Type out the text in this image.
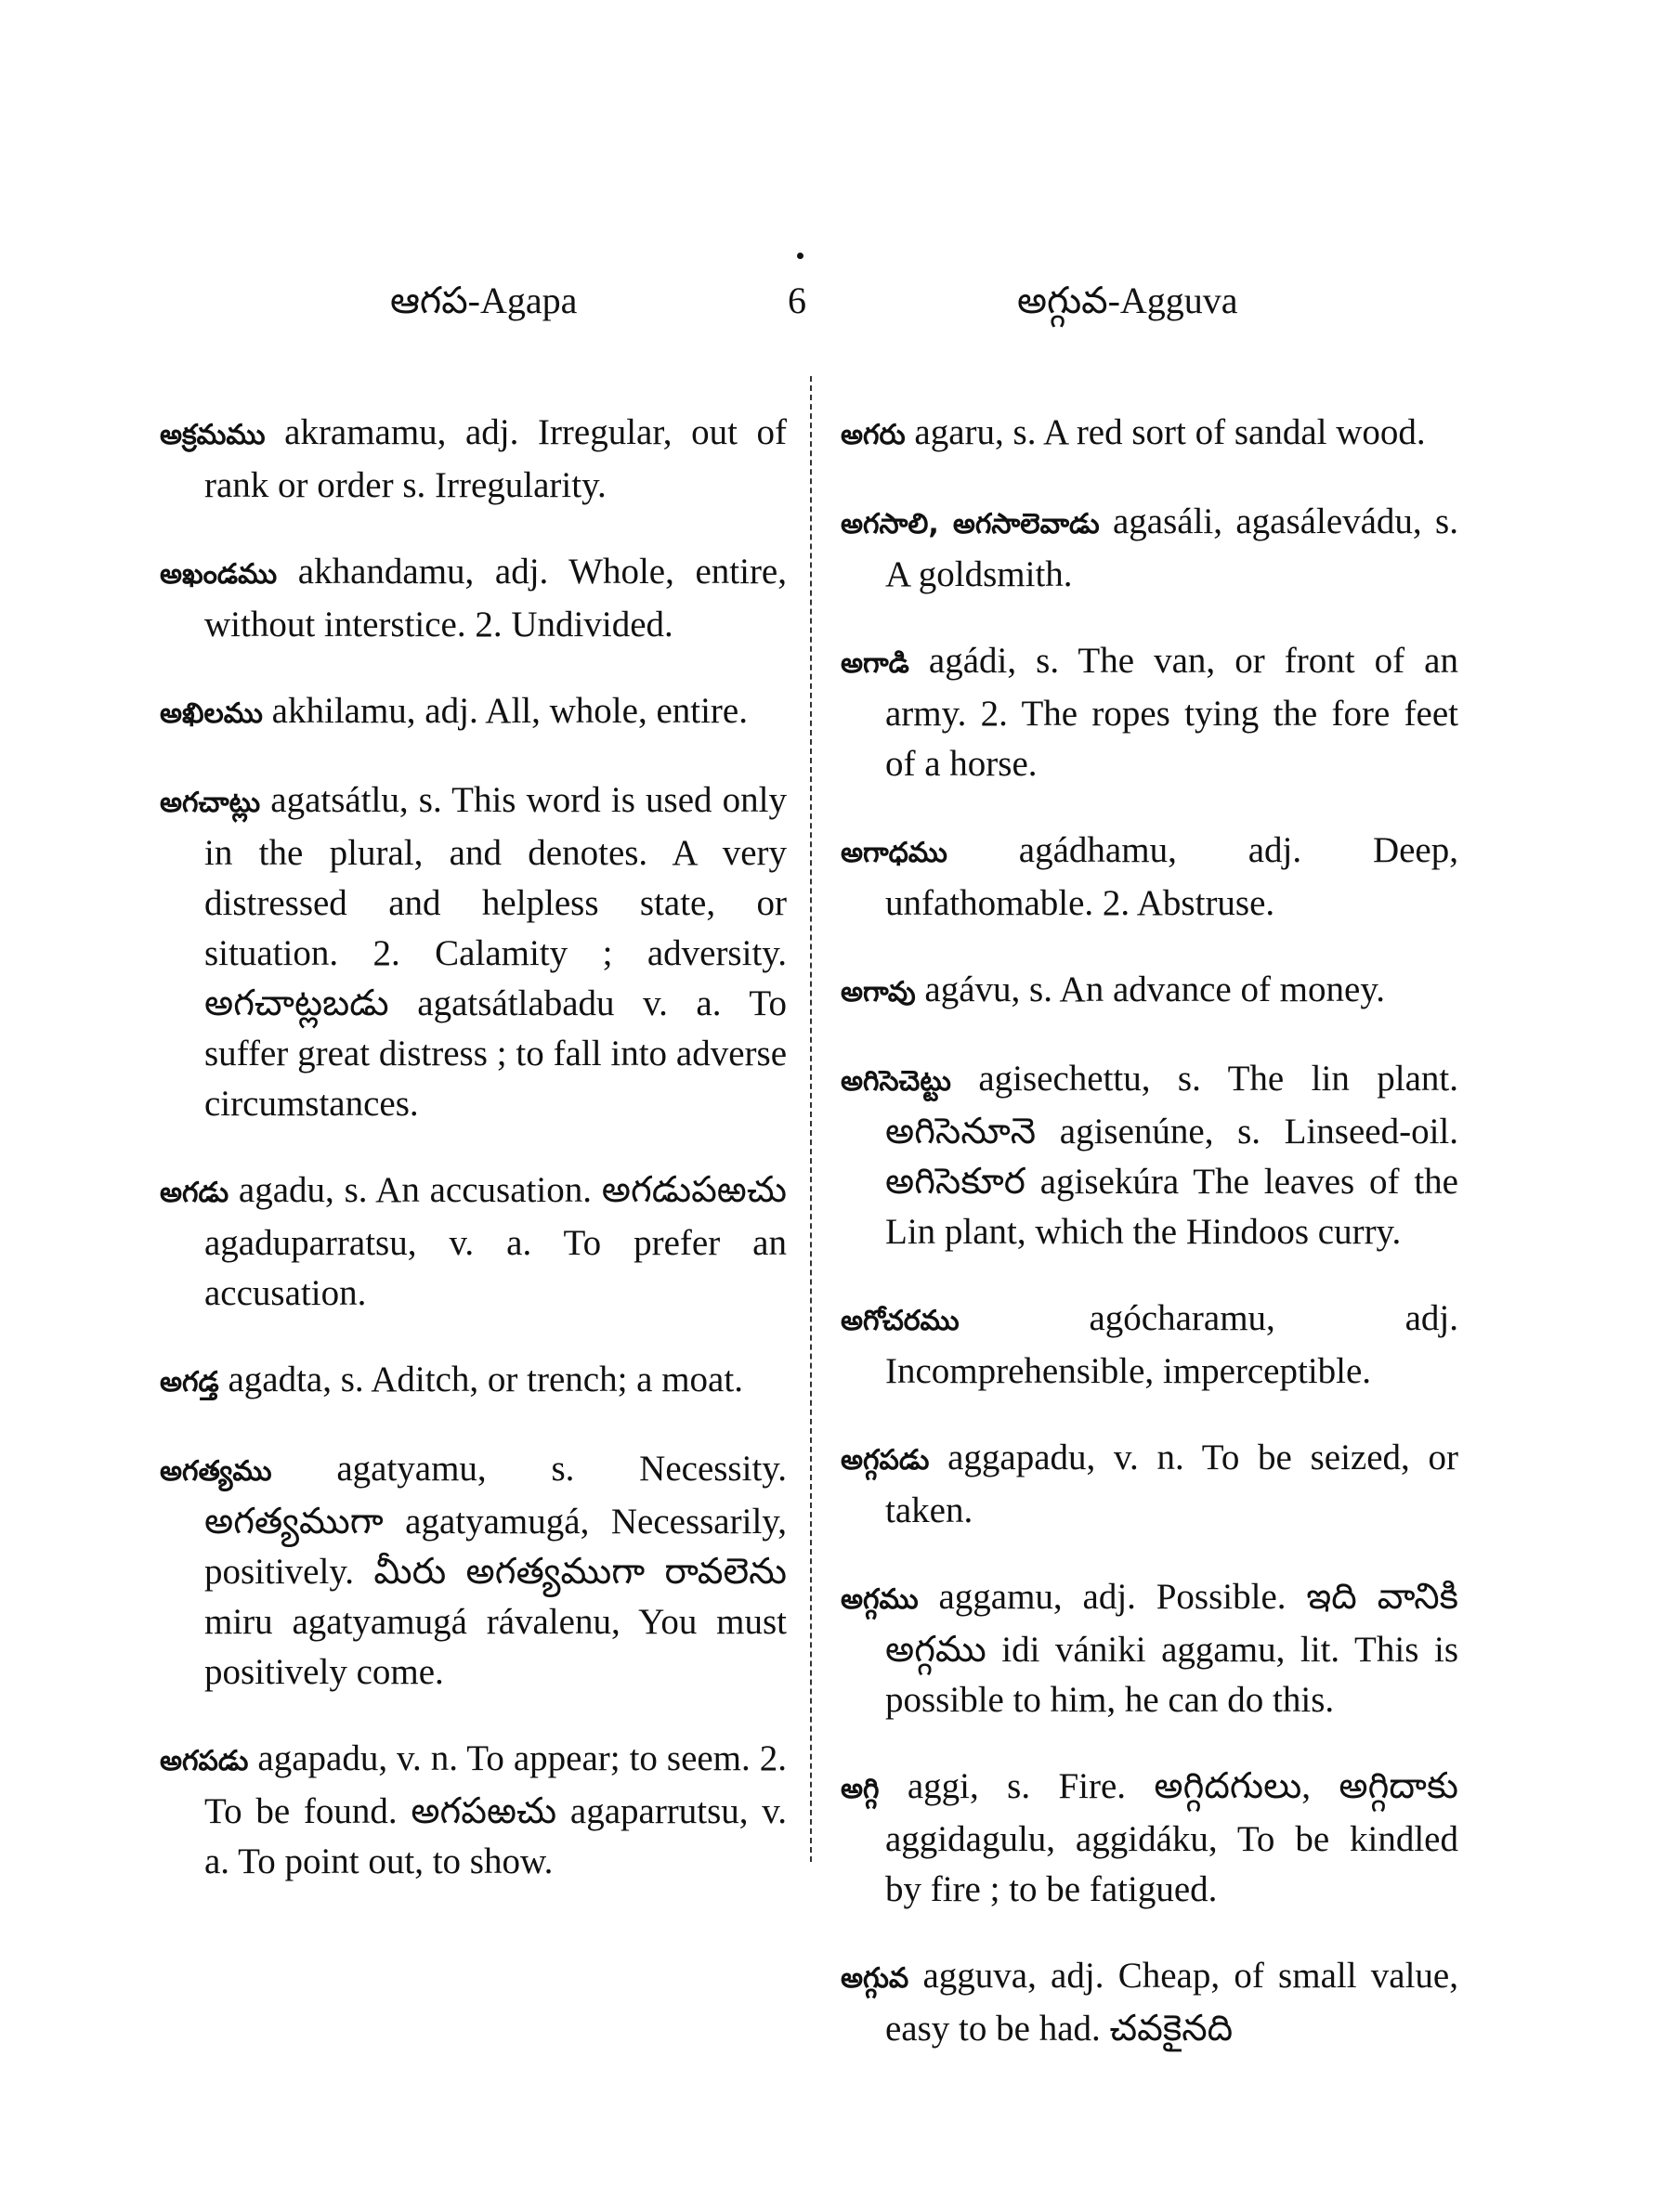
ఆగప-Agapa	6	అగ్గువ-Agguva

అక్రమము akramamu, adj. Irregular, out of rank or order s. Irregularity.

అఖండము akhandamu, adj. Whole, entire, without interstice. 2. Undivided.

అఖిలము akhilamu, adj. All, whole, entire.

అగచాట్లు agatsátlu, s. This word is used only in the plural, and denotes. A very distressed and helpless state, or situation. 2. Calamity ; adversity. అగచాట్లబడు agatsátlabadu v. a. To suffer great distress ; to fall into adverse circumstances.

అగడు agadu, s. An accusation. అగడుపఱచు agaduparratsu, v. a. To prefer an accusation.

అగడ్త agadta, s. Aditch, or trench; a moat.

అగత్యము agatyamu, s. Necessity. అగత్యముగా agatyamugá, Necessarily, positively. మీరు అగత్యముగా రావలెను miru agatyamugá rávalenu, You must positively come.

అగపడు agapadu, v. n. To appear; to seem. 2. To be found. అగపఱచు agaparrutsu, v. a. To point out, to show.

అగరు agaru, s. A red sort of sandal wood.

అగసాలి, అగసాలెవాడు agasáli, agasálevádu, s. A goldsmith.

అగాడి agádi, s. The van, or front of an army. 2. The ropes tying the fore feet of a horse.

అగాధము agádhamu, adj. Deep, unfathomable. 2. Abstruse.

అగావు agávu, s. An advance of money.

అగిసెచెట్టు agisechettu, s. The lin plant. అగిసెనూనె agisenúne, s. Linseed-oil. అగిసెకూర agisekúra The leaves of the Lin plant, which the Hindoos curry.

అగోచరము agócharamu, adj. Incomprehensible, imperceptible.

అగ్గపడు aggapadu, v. n. To be seized, or taken.

అగ్గము aggamu, adj. Possible. ఇది వానికి అగ్గము idi vániki aggamu, lit. This is possible to him, he can do this.

అగ్గి aggi, s. Fire. అగ్గిదగులు, అగ్గిదాకు aggidagulu, aggidáku, To be kindled by fire ; to be fatigued.

అగ్గువ agguva, adj. Cheap, of small value, easy to be had. చవకైనది
